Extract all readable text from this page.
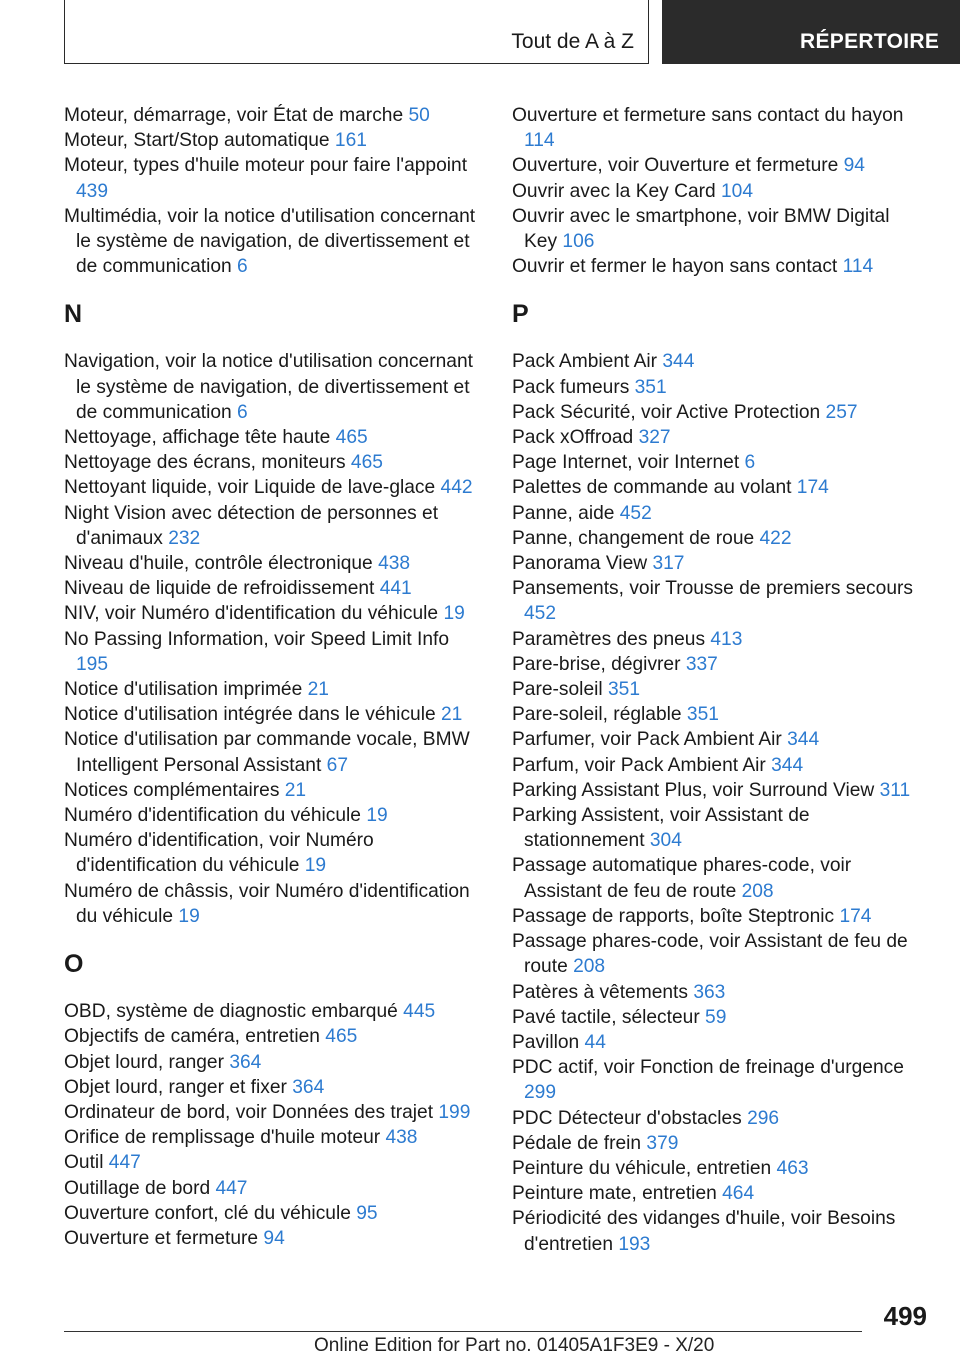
Tout de A à Z	RÉPERTOIRE
Moteur, démarrage, voir État de marche 50
Moteur, Start/Stop automatique 161
Moteur, types d'huile moteur pour faire l'appoint 439
Multimédia, voir la notice d'utilisation concernant le système de navigation, de divertissement et de communication 6
N
Navigation, voir la notice d'utilisation concernant le système de navigation, de divertissement et de communication 6
Nettoyage, affichage tête haute 465
Nettoyage des écrans, moniteurs 465
Nettoyant liquide, voir Liquide de lave-glace 442
Night Vision avec détection de personnes et d'animaux 232
Niveau d'huile, contrôle électronique 438
Niveau de liquide de refroidissement 441
NIV, voir Numéro d'identification du véhicule 19
No Passing Information, voir Speed Limit Info 195
Notice d'utilisation imprimée 21
Notice d'utilisation intégrée dans le véhicule 21
Notice d'utilisation par commande vocale, BMW Intelligent Personal Assistant 67
Notices complémentaires 21
Numéro d'identification du véhicule 19
Numéro d'identification, voir Numéro d'identification du véhicule 19
Numéro de châssis, voir Numéro d'identification du véhicule 19
O
OBD, système de diagnostic embarqué 445
Objectifs de caméra, entretien 465
Objet lourd, ranger 364
Objet lourd, ranger et fixer 364
Ordinateur de bord, voir Données des trajet 199
Orifice de remplissage d'huile moteur 438
Outil 447
Outillage de bord 447
Ouverture confort, clé du véhicule 95
Ouverture et fermeture 94
Ouverture et fermeture sans contact du hayon 114
Ouverture, voir Ouverture et fermeture 94
Ouvrir avec la Key Card 104
Ouvrir avec le smartphone, voir BMW Digital Key 106
Ouvrir et fermer le hayon sans contact 114
P
Pack Ambient Air 344
Pack fumeurs 351
Pack Sécurité, voir Active Protection 257
Pack xOffroad 327
Page Internet, voir Internet 6
Palettes de commande au volant 174
Panne, aide 452
Panne, changement de roue 422
Panorama View 317
Pansements, voir Trousse de premiers secours 452
Paramètres des pneus 413
Pare-brise, dégivrer 337
Pare-soleil 351
Pare-soleil, réglable 351
Parfumer, voir Pack Ambient Air 344
Parfum, voir Pack Ambient Air 344
Parking Assistant Plus, voir Surround View 311
Parking Assistent, voir Assistant de stationnement 304
Passage automatique phares-code, voir Assistant de feu de route 208
Passage de rapports, boîte Steptronic 174
Passage phares-code, voir Assistant de feu de route 208
Patères à vêtements 363
Pavé tactile, sélecteur 59
Pavillon 44
PDC actif, voir Fonction de freinage d'urgence 299
PDC Détecteur d'obstacles 296
Pédale de frein 379
Peinture du véhicule, entretien 463
Peinture mate, entretien 464
Périodicité des vidanges d'huile, voir Besoins d'entretien 193
499
Online Edition for Part no. 01405A1F3E9 - X/20
